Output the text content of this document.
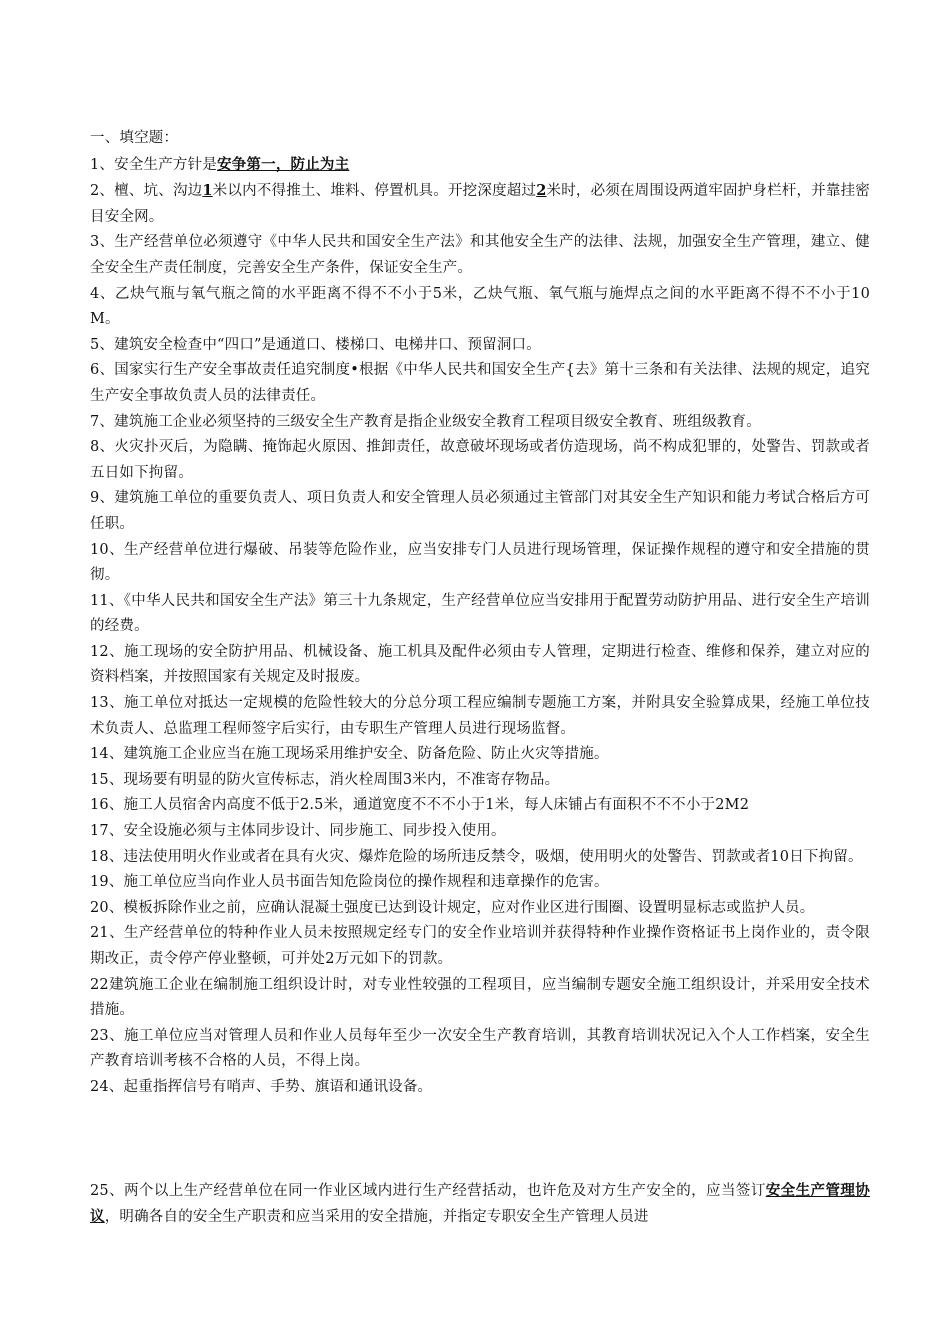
一、填空题：

1、安全生产方针是安争第一，防止为主

2、檀、坑、沟边1米以内不得推土、堆料、停置机具。开挖深度超过2米时，必须在周围设两道牢固护身栏杆，并靠挂密目安全网。

3、生产经营单位必须遵守《中华人民共和国安全生产法》和其他安全生产的法律、法规，加强安全生产管理，建立、健全安全生产责任制度，完善安全生产条件，保证安全生产。

4、乙炔气瓶与氧气瓶之简的水平距离不得不不小于5米，乙炔气瓶、氧气瓶与施焊点之间的水平距离不得不不小于10M。

5、建筑安全检查中“四口”是通道口、楼梯口、电梯井口、预留洞口。

6、国家实行生产安全事故责任追究制度•根据《中华人民共和国安全生产{去》第十三条和有关法律、法规的规定，追究生产安全事故负责人员的法律责任。

7、建筑施工企业必须坚持的三级安全生产教育是指企业级安全教育工程项目级安全教育、班组级教育。

8、火灾扑灭后，为隐瞒、掩饰起火原因、推卸责任，故意破坏现场或者仿造现场，尚不构成犯罪的，处警告、罚款或者五日如下拘留。

9、建筑施工单位的重要负责人、项日负责人和安全管理人员必须通过主管部门对其安全生产知识和能力考试合格后方可任职。

10、生产经营单位进行爆破、吊装等危险作业，应当安排专门人员进行现场管理，保证操作规程的遵守和安全措施的贯彻。

11、《中华人民共和国安全生产法》第三十九条规定，生产经营单位应当安排用于配置劳动防护用品、进行安全生产培训的经费。

12、施工现场的安全防护用品、机械设备、施工机具及配件必须由专人管理，定期进行检查、维修和保养，建立对应的资料档案，并按照国家有关规定及时报废。

13、施工单位对抵达一定规模的危险性较大的分总分项工程应编制专题施工方案，并附具安全验算成果，经施工单位技术负责人、总监理工程师签字后实行，由专职生产管理人员进行现场监督。

14、建筑施工企业应当在施工现场采用维护安全、防备危险、防止火灾等措施。

15、现场要有明显的防火宣传标志，消火栓周围3米内，不准寄存物品。

16、施工人员宿舍内高度不低于2.5米，通道宽度不不不小于1米，每人床铺占有面积不不不小于2M2

17、安全设施必须与主体同步设计、同步施工、同步投入使用。

18、违法使用明火作业或者在具有火灾、爆炸危险的场所违反禁令，吸烟，使用明火的处警告、罚款或者10日下拘留。

19、施工单位应当向作业人员书面告知危险岗位的操作规程和违章操作的危害。

20、模板拆除作业之前，应确认混凝土强度已达到设计规定，应对作业区进行围圈、设置明显标志或监护人员。

21、生产经营单位的特种作业人员未按照规定经专门的安全作业培训并获得特种作业操作资格证书上岗作业的，责令限期改正，责令停产停业整顿，可并处2万元如下的罚款。

22建筑施工企业在编制施工组织设计时，对专业性较强的工程项目，应当编制专题安全施工组织设计，并采用安全技术措施。

23、施工单位应当对管理人员和作业人员每年至少一次安全生产教育培训，其教育培训状况记入个人工作档案，安全生产教育培训考核不合格的人员，不得上岗。

24、起重指挥信号有哨声、手势、旗语和通讯设备。

25、两个以上生产经营单位在同一作业区域内进行生产经营括动，也许危及对方生产安全的，应当签订安全生产管理协议，明确各自的安全生产职责和应当采用的安全措施，并指定专职安全生产管理人员进
